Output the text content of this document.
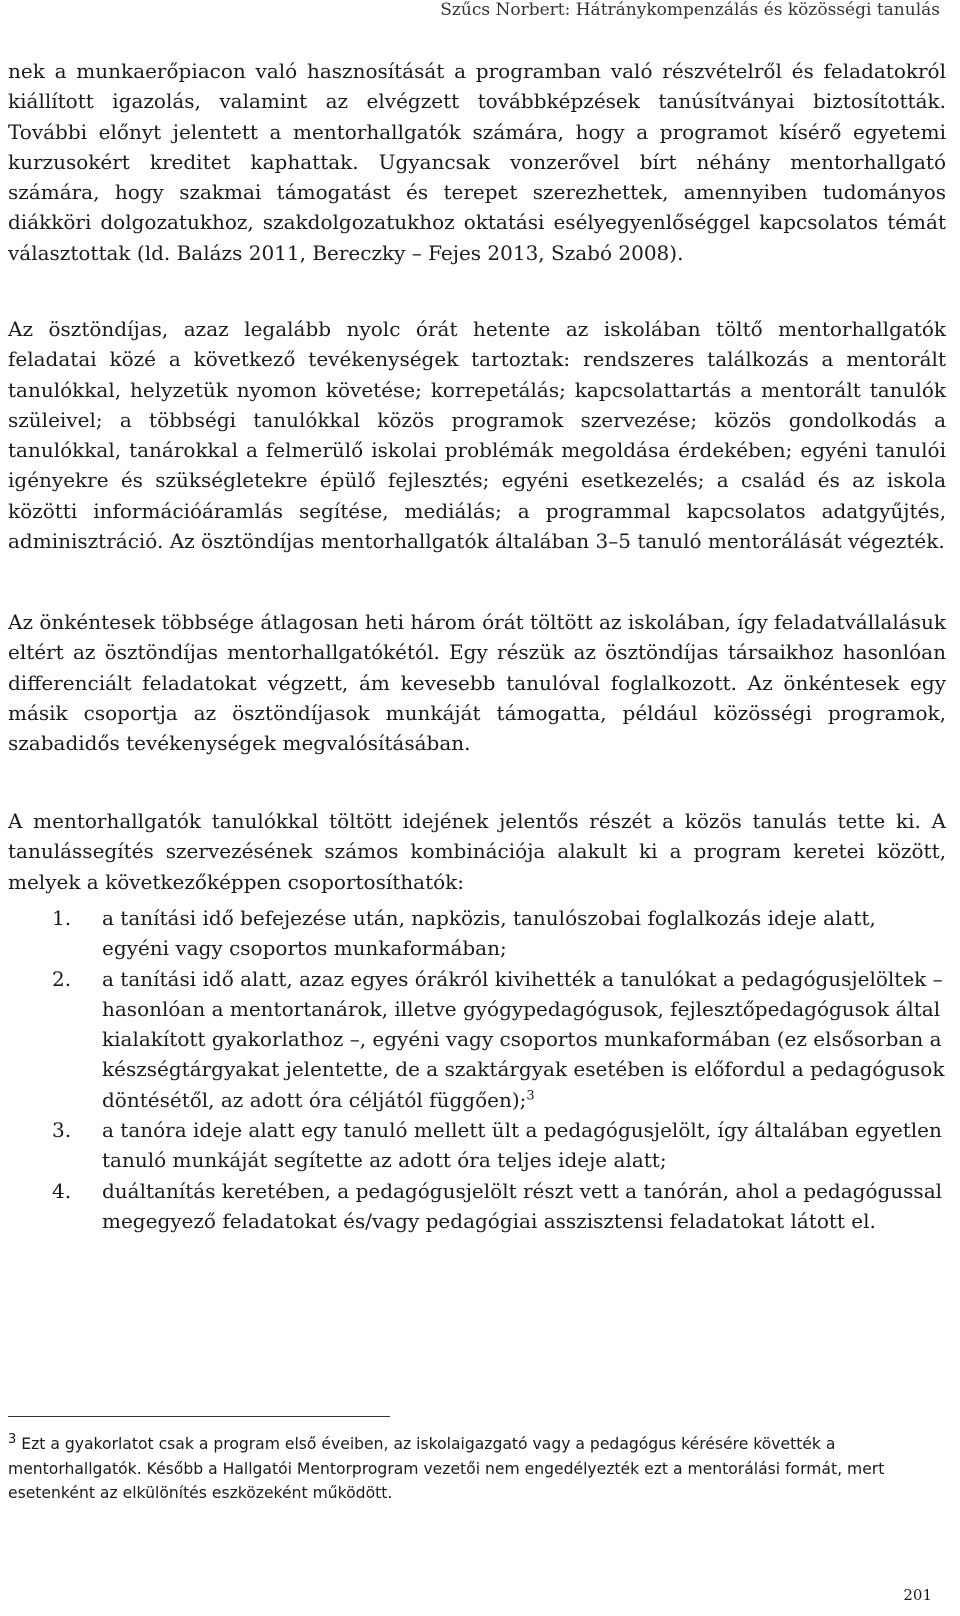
Szűcs Norbert: Hátránykompenzálás és közösségi tanulás

nek a munkaerőpiacon való hasznosítását a programban való részvételről és feladatokról kiállított igazolás, valamint az elvégzett továbbképzések tanúsítványai biztosították. További előnyt jelentett a mentorhallgatók számára, hogy a programot kísérő egyetemi kurzusokért kreditet kaphattak. Ugyancsak vonzerővel bírt néhány mentorhallgató számára, hogy szakmai támogatást és terepet szerezhettek, amennyiben tudományos diákköri dolgozatukhoz, szakdolgozatukhoz oktatási esélyegyenlőséggel kapcsolatos témát választottak (ld. Balázs 2011, Bereczky – Fejes 2013, Szabó 2008).

Az ösztöndíjas, azaz legalább nyolc órát hetente az iskolában töltő mentorhallgatók feladatai közé a következő tevékenységek tartoztak: rendszeres találkozás a mentorált tanulókkal, helyzetük nyomon követése; korrepetálás; kapcsolattartás a mentorált tanulók szüleivel; a többségi tanulókkal közös programok szervezése; közös gondolkodás a tanulókkal, tanárokkal a felmerülő iskolai problémák megoldása érdekében; egyéni tanulói igényekre és szükségletekre épülő fejlesztés; egyéni esetkezelés; a család és az iskola közötti információáramlás segítése, mediálás; a programmal kapcsolatos adatgyűjtés, adminisztráció. Az ösztöndíjas mentorhallgatók általában 3–5 tanuló mentorálását végezték.

Az önkéntesek többsége átlagosan heti három órát töltött az iskolában, így feladatvállalásuk eltért az ösztöndíjas mentorhallgatókétól. Egy részük az ösztöndíjas társaikhoz hasonlóan differenciált feladatokat végzett, ám kevesebb tanulóval foglalkozott. Az önkéntesek egy másik csoportja az ösztöndíjasok munkáját támogatta, például közösségi programok, szabadidős tevékenységek megvalósításában.

A mentorhallgatók tanulókkal töltött idejének jelentős részét a közös tanulás tette ki. A tanulássegítés szervezésének számos kombinációja alakult ki a program keretei között, melyek a következőképpen csoportosíthatók:

1. a tanítási idő befejezése után, napközis, tanulószobai foglalkozás ideje alatt, egyéni vagy csoportos munkaformában;
2. a tanítási idő alatt, azaz egyes órákról kivihették a tanulókat a pedagógusjelöltek – hasonlóan a mentortanárok, illetve gyógypedagógusok, fejlesztőpedagógusok által kialakított gyakorlathoz –, egyéni vagy csoportos munkaformában (ez elsősorban a készségtárgyakat jelentette, de a szaktárgyak esetében is előfordul a pedagógusok döntésétől, az adott óra céljától függően);$^3$
3. a tanóra ideje alatt egy tanuló mellett ült a pedagógusjelölt, így általában egyetlen tanuló munkáját segítette az adott óra teljes ideje alatt;
4. duáltanítás keretében, a pedagógusjelölt részt vett a tanórán, ahol a pedagógussal megegyező feladatokat és/vagy pedagógiai asszisztensi feladatokat látott el.

$^3$ Ezt a gyakorlatot csak a program első éveiben, az iskolaigazgató vagy a pedagógus kérésére követték a mentorhallgatók. Később a Hallgatói Mentorprogram vezetői nem engedélyezték ezt a mentorálási formát, mert esetenként az elkülönítés eszközeként működött.

201
